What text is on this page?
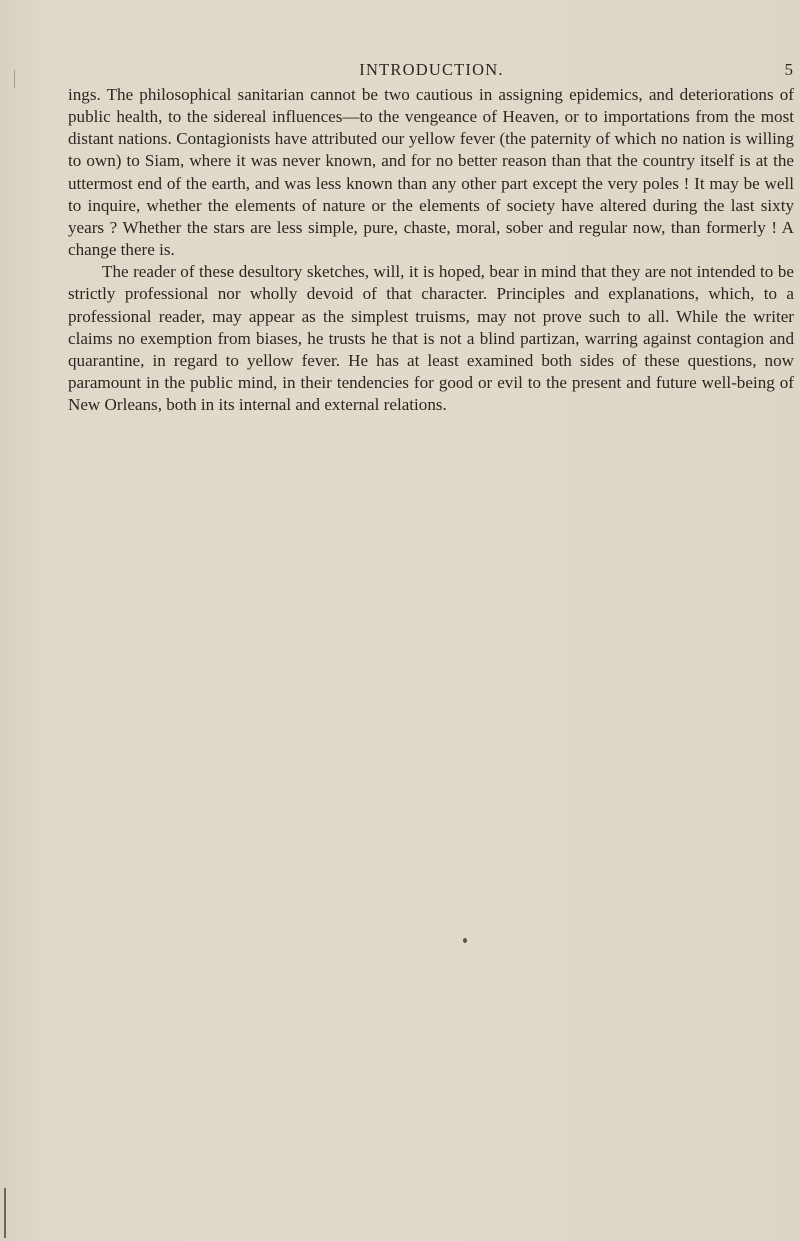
INTRODUCTION.	5

ings. The philosophical sanitarian cannot be two cautious in assigning epidemics, and deteriorations of public health, to the sidereal influences—to the vengeance of Heaven, or to importations from the most distant nations. Contagionists have attributed our yellow fever (the paternity of which no nation is willing to own) to Siam, where it was never known, and for no better reason than that the country itself is at the uttermost end of the earth, and was less known than any other part except the very poles ! It may be well to inquire, whether the elements of nature or the elements of society have altered during the last sixty years ? Whether the stars are less simple, pure, chaste, moral, sober and regular now, than formerly ! A change there is.

The reader of these desultory sketches, will, it is hoped, bear in mind that they are not intended to be strictly professional nor wholly devoid of that character. Principles and explanations, which, to a professional reader, may appear as the simplest truisms, may not prove such to all. While the writer claims no exemption from biases, he trusts he that is not a blind partizan, warring against contagion and quarantine, in regard to yellow fever. He has at least examined both sides of these questions, now paramount in the public mind, in their tendencies for good or evil to the present and future well-being of New Orleans, both in its internal and external relations.
